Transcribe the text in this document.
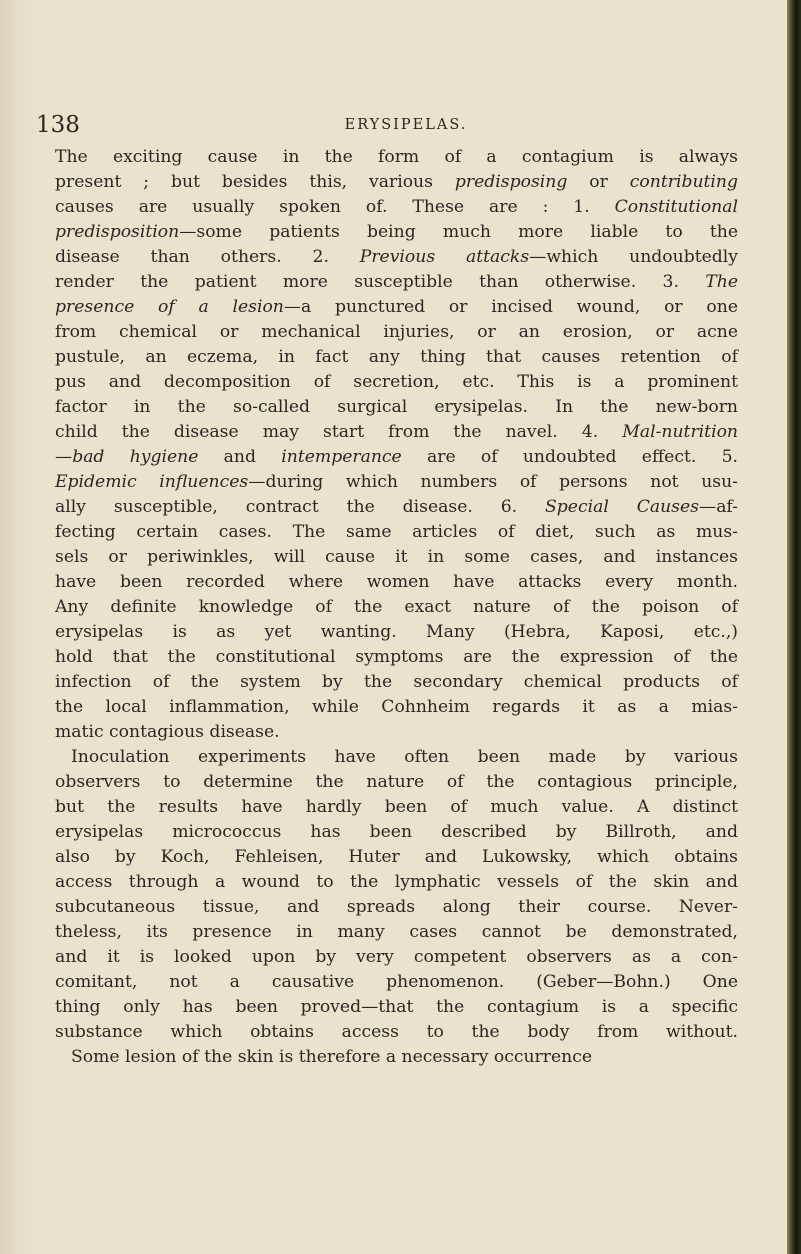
138	ERYSIPELAS.
The exciting cause in the form of a contagium is always
present ; but besides this, various predisposing or contributing
causes are usually spoken of. These are : 1. Constitutional
predisposition—some patients being much more liable to the
disease than others. 2. Previous attacks—which undoubtedly
render the patient more susceptible than otherwise. 3. The
presence of a lesion—a punctured or incised wound, or one
from chemical or mechanical injuries, or an erosion, or acne
pustule, an eczema, in fact any thing that causes retention of
pus and decomposition of secretion, etc. This is a prominent
factor in the so-called surgical erysipelas. In the new-born
child the disease may start from the navel. 4. Mal-nutrition
—bad hygiene and intemperance are of undoubted effect. 5.
Epidemic influences—during which numbers of persons not usu-
ally susceptible, contract the disease. 6. Special Causes—af-
fecting certain cases. The same articles of diet, such as mus-
sels or periwinkles, will cause it in some cases, and instances
have been recorded where women have attacks every month.
Any definite knowledge of the exact nature of the poison of
erysipelas is as yet wanting. Many (Hebra, Kaposi, etc.,)
hold that the constitutional symptoms are the expression of the
infection of the system by the secondary chemical products of
the local inflammation, while Cohnheim regards it as a mias-
matic contagious disease.
Inoculation experiments have often been made by various
observers to determine the nature of the contagious principle,
but the results have hardly been of much value. A distinct
erysipelas micrococcus has been described by Billroth, and
also by Koch, Fehleisen, Huter and Lukowsky, which obtains
access through a wound to the lymphatic vessels of the skin and
subcutaneous tissue, and spreads along their course. Never-
theless, its presence in many cases cannot be demonstrated,
and it is looked upon by very competent observers as a con-
comitant, not a causative phenomenon. (Geber—Bohn.) One
thing only has been proved—that the contagium is a specific
substance which obtains access to the body from without.
Some lesion of the skin is therefore a necessary occurrence
